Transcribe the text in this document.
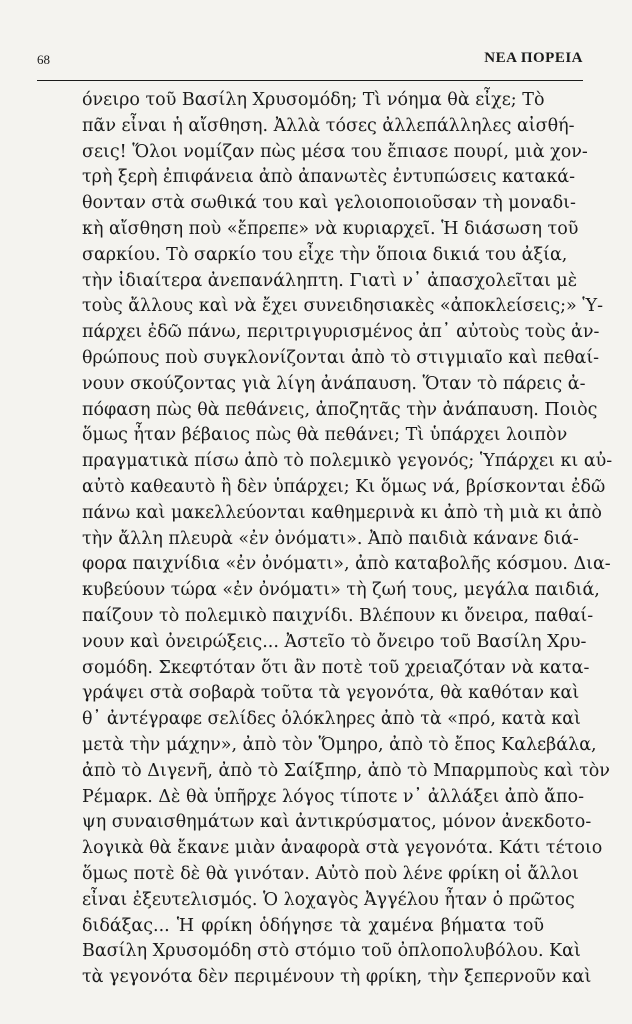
68	ΝΕΑ ΠΟΡΕΙΑ
όνειρο τοῦ Βασίλη Χρυσομόδη; Τὶ νόημα θὰ εἶχε; Τὸ
πᾶν εἶναι ἡ αἴσθηση. Ἀλλὰ τόσες ἀλλεπάλληλες αἰσθή-
σεις! Ὅλοι νομίζαν πὼς μέσα του ἔπιασε πουρί, μιὰ χον-
τρὴ ξερὴ ἐπιφάνεια ἀπὸ ἀπανωτὲς ἐντυπώσεις κατακά-
θονταν στὰ σωθικά του καὶ γελοιοποιοῦσαν τὴ μοναδι-
κὴ αἴσθηση ποὺ «ἔπρεπε» νὰ κυριαρχεῖ. Ἡ διάσωση τοῦ
σαρκίου. Τὸ σαρκίο του εἶχε τὴν ὅποια δικιά του ἀξία,
τὴν ἰδιαίτερα ἀνεπανάληπτη. Γιατὶ ν᾿ ἀπασχολεῖται μὲ
τοὺς ἄλλους καὶ νὰ ἔχει συνειδησιακὲς «ἀποκλείσεις;» Ὑ-
πάρχει ἐδῶ πάνω, περιτριγυρισμένος ἀπ᾿ αὐτοὺς τοὺς ἀν-
θρώπους ποὺ συγκλονίζονται ἀπὸ τὸ στιγμιαῖο καὶ πεθαί-
νουν σκούζοντας γιὰ λίγη ἀνάπαυση. Ὅταν τὸ πάρεις ἀ-
πόφαση πὼς θὰ πεθάνεις, ἀποζητᾶς τὴν ἀνάπαυση. Ποιὸς
ὅμως ἦταν βέβαιος πὼς θὰ πεθάνει; Τὶ ὑπάρχει λοιπὸν
πραγματικὰ πίσω ἀπὸ τὸ πολεμικὸ γεγονός; Ὑπάρχει κι αὐ-
αὐτὸ καθεαυτὸ ἢ δὲν ὑπάρχει; Κι ὅμως νά, βρίσκονται ἐδῶ
πάνω καὶ μακελλεύονται καθημερινὰ κι ἀπὸ τὴ μιὰ κι ἀπὸ
τὴν ἄλλη πλευρὰ «ἐν ὀνόματι». Ἀπὸ παιδιὰ κάνανε διά-
φορα παιχνίδια «ἐν ὀνόματι», ἀπὸ καταβολῆς κόσμου. Δια-
κυβεύουν τώρα «ἐν ὀνόματι» τὴ ζωή τους, μεγάλα παιδιά,
παίζουν τὸ πολεμικὸ παιχνίδι. Βλέπουν κι ὄνειρα, παθαί-
νουν καὶ ὀνειρώξεις... Ἀστεῖο τὸ ὄνειρο τοῦ Βασίλη Χρυ-
σομόδη. Σκεφτόταν ὅτι ἂν ποτὲ τοῦ χρειαζόταν νὰ κατα-
γράψει στὰ σοβαρὰ τοῦτα τὰ γεγονότα, θὰ καθόταν καὶ
θ᾿ ἀντέγραφε σελίδες ὁλόκληρες ἀπὸ τὰ «πρό, κατὰ καὶ
μετὰ τὴν μάχην», ἀπὸ τὸν Ὅμηρο, ἀπὸ τὸ ἔπος Καλεβάλα,
ἀπὸ τὸ Διγενῆ, ἀπὸ τὸ Σαίξπηρ, ἀπὸ τὸ Μπαρμποὺς καὶ τὸν
Ρέμαρκ. Δὲ θὰ ὑπῆρχε λόγος τίποτε ν᾿ ἀλλάξει ἀπὸ ἄπο-
ψη συναισθημάτων καὶ ἀντικρύσματος, μόνον ἀνεκδοτο-
λογικὰ θὰ ἔκανε μιὰν ἀναφορὰ στὰ γεγονότα. Κάτι τέτοιο
ὅμως ποτὲ δὲ θὰ γινόταν. Αὐτὸ ποὺ λένε φρίκη οἱ ἄλλοι
εἶναι ἐξευτελισμός. Ὁ λοχαγὸς Ἀγγέλου ἦταν ὁ πρῶτος
διδάξας... Ἡ φρίκη ὁδήγησε τὰ χαμένα βήματα τοῦ
Βασίλη Χρυσομόδη στὸ στόμιο τοῦ ὀπλοπολυβόλου. Καὶ
τὰ γεγονότα δὲν περιμένουν τὴ φρίκη, τὴν ξεπερνοῦν καὶ
